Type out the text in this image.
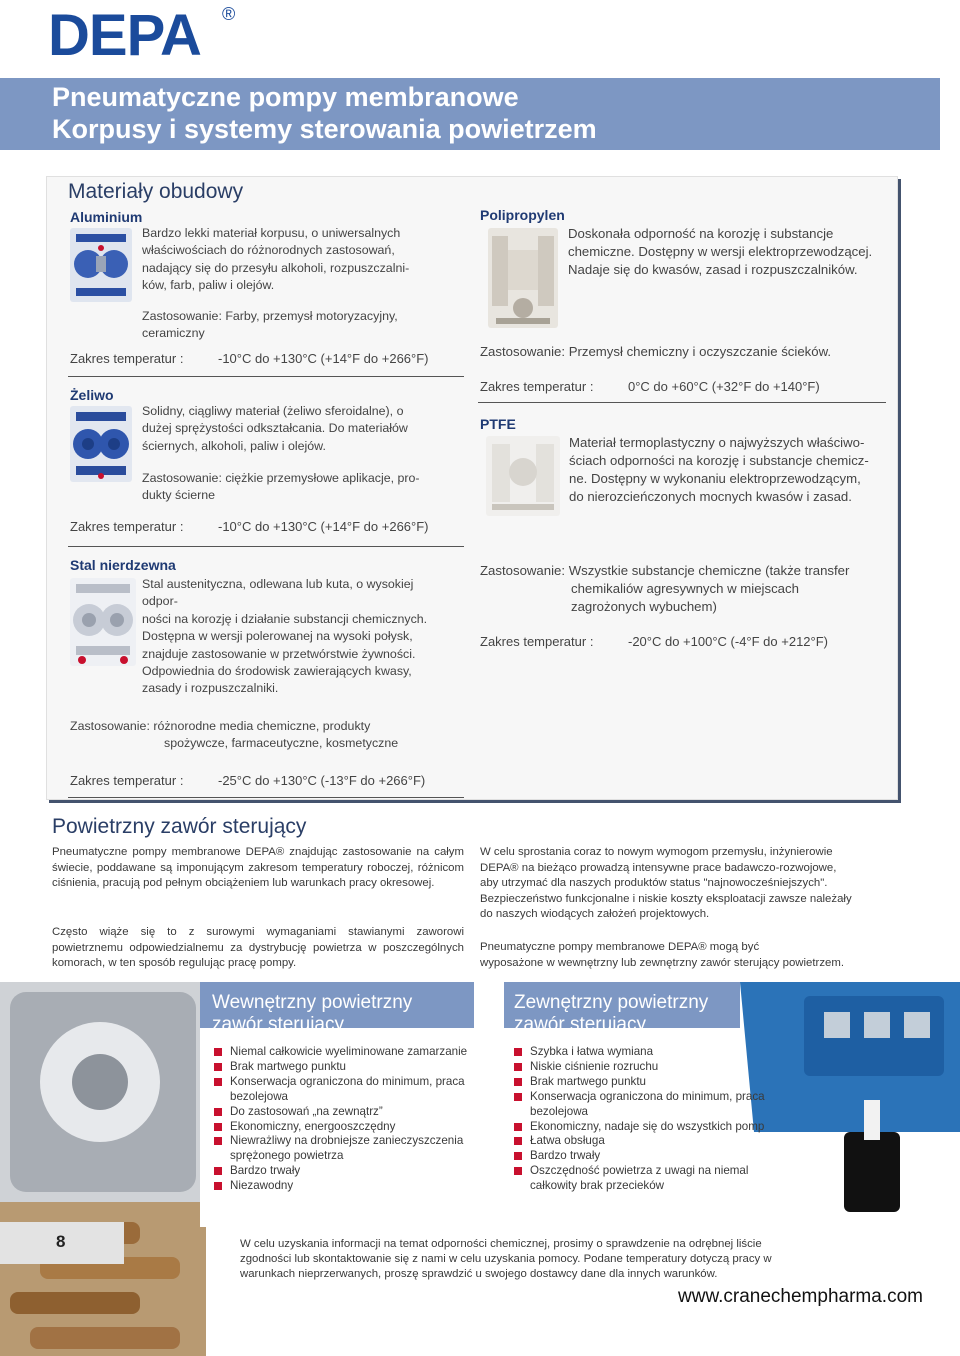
DEPA ®
Pneumatyczne pompy membranowe
Korpusy i systemy sterowania powietrzem
Materiały obudowy
Aluminium
Bardzo lekki materiał korpusu, o uniwersalnych
właściwościach do różnorodnych zastosowań,
nadający się do przesyłu alkoholi, rozpuszczalni-
ków, farb, paliw i olejów.
Zastosowanie: Farby, przemysł motoryzacyjny,
ceramiczny
Zakres temperatur :	-10°C do +130°C (+14°F do +266°F)
Żeliwo
Solidny, ciągliwy materiał (żeliwo sferoidalne), o
dużej sprężystości odkształcania. Do materiałów
ściernych, alkoholi, paliw i olejów.
Zastosowanie: ciężkie przemysłowe aplikacje, pro-
dukty ścierne
Zakres temperatur :	-10°C do +130°C (+14°F do +266°F)
Stal nierdzewna
Stal austenityczna, odlewana lub kuta, o wysokiej
odpor-
ności na korozję i działanie substancji chemicznych.
Dostępna w wersji polerowanej na wysoki połysk,
znajduje zastosowanie w przetwórstwie żywności.
Odpowiednia do środowisk zawierających kwasy,
zasady i rozpuszczalniki.
Zastosowanie: różnorodne media chemiczne, produkty
spożywcze, farmaceutyczne, kosmetyczne
Zakres temperatur :	-25°C do +130°C (-13°F do +266°F)
Polipropylen
Doskonała odporność na korozję i substancje
chemiczne. Dostępny w wersji elektroprzewodzącej.
Nadaje się do kwasów, zasad i rozpuszczalników.
Zastosowanie: Przemysł chemiczny i oczyszczanie ścieków.
Zakres temperatur :	0°C do +60°C (+32°F do +140°F)
PTFE
Materiał termoplastyczny o najwyższych właściwo-
ściach odporności na korozję i substancje chemicz-
ne. Dostępny w wykonaniu elektroprzewodzącym,
do nierozcieńczonych mocnych kwasów i zasad.
Zastosowanie: Wszystkie substancje chemiczne (także transfer
chemikaliów agresywnych w miejscach
zagrożonych wybuchem)
Zakres temperatur :	-20°C do +100°C (-4°F do +212°F)
Powietrzny zawór sterujący
Pneumatyczne pompy membranowe DEPA® znajdując zastosowanie na całym świecie, poddawane są imponującym zakresom temperatury roboczej, różnicom ciśnienia, pracują pod pełnym obciążeniem lub warunkach pracy okresowej.
Często wiąże się to z surowymi wymaganiami stawianymi zaworowi powietrznemu odpowiedzialnemu za dystrybucję powietrza w poszczególnych komorach, w ten sposób regulując pracę pompy.
W celu sprostania coraz to nowym wymogom przemysłu, inżynierowie
DEPA® na bieżąco prowadzą intensywne prace badawczo-rozwojowe,
aby utrzymać dla naszych produktów status "najnowocześniejszych".
Bezpieczeństwo funkcjonalne i niskie koszty eksploatacji zawsze należały
do naszych wiodących założeń projektowych.
Pneumatyczne pompy membranowe DEPA® mogą być
wyposażone w wewnętrzny lub zewnętrzny zawór sterujący powietrzem.
Wewnętrzny powietrzny
zawór sterujący
Niemal całkowicie wyeliminowane zamarzanie
Brak martwego punktu
Konserwacja ograniczona do minimum, praca bezolejowa
Do zastosowań „na zewnątrz”
Ekonomiczny, energooszczędny
Niewrażliwy na drobniejsze zanieczyszczenia sprężonego powietrza
Bardzo trwały
Niezawodny
Zewnętrzny powietrzny
zawór sterujący
Szybka i łatwa wymiana
Niskie ciśnienie rozruchu
Brak martwego punktu
Konserwacja ograniczona do minimum, praca bezolejowa
Ekonomiczny, nadaje się do wszystkich pomp
Łatwa obsługa
Bardzo trwały
Oszczędność powietrza z uwagi na niemal całkowity brak przecieków
8	W celu uzyskania informacji na temat odporności chemicznej, prosimy o sprawdzenie na odrębnej liście
zgodności lub skontaktowanie się z nami w celu uzyskania pomocy. Podane temperatury dotyczą pracy w
warunkach nieprzerwanych, proszę sprawdzić u swojego dostawcy dane dla innych warunków.
www.cranechempharma.com
